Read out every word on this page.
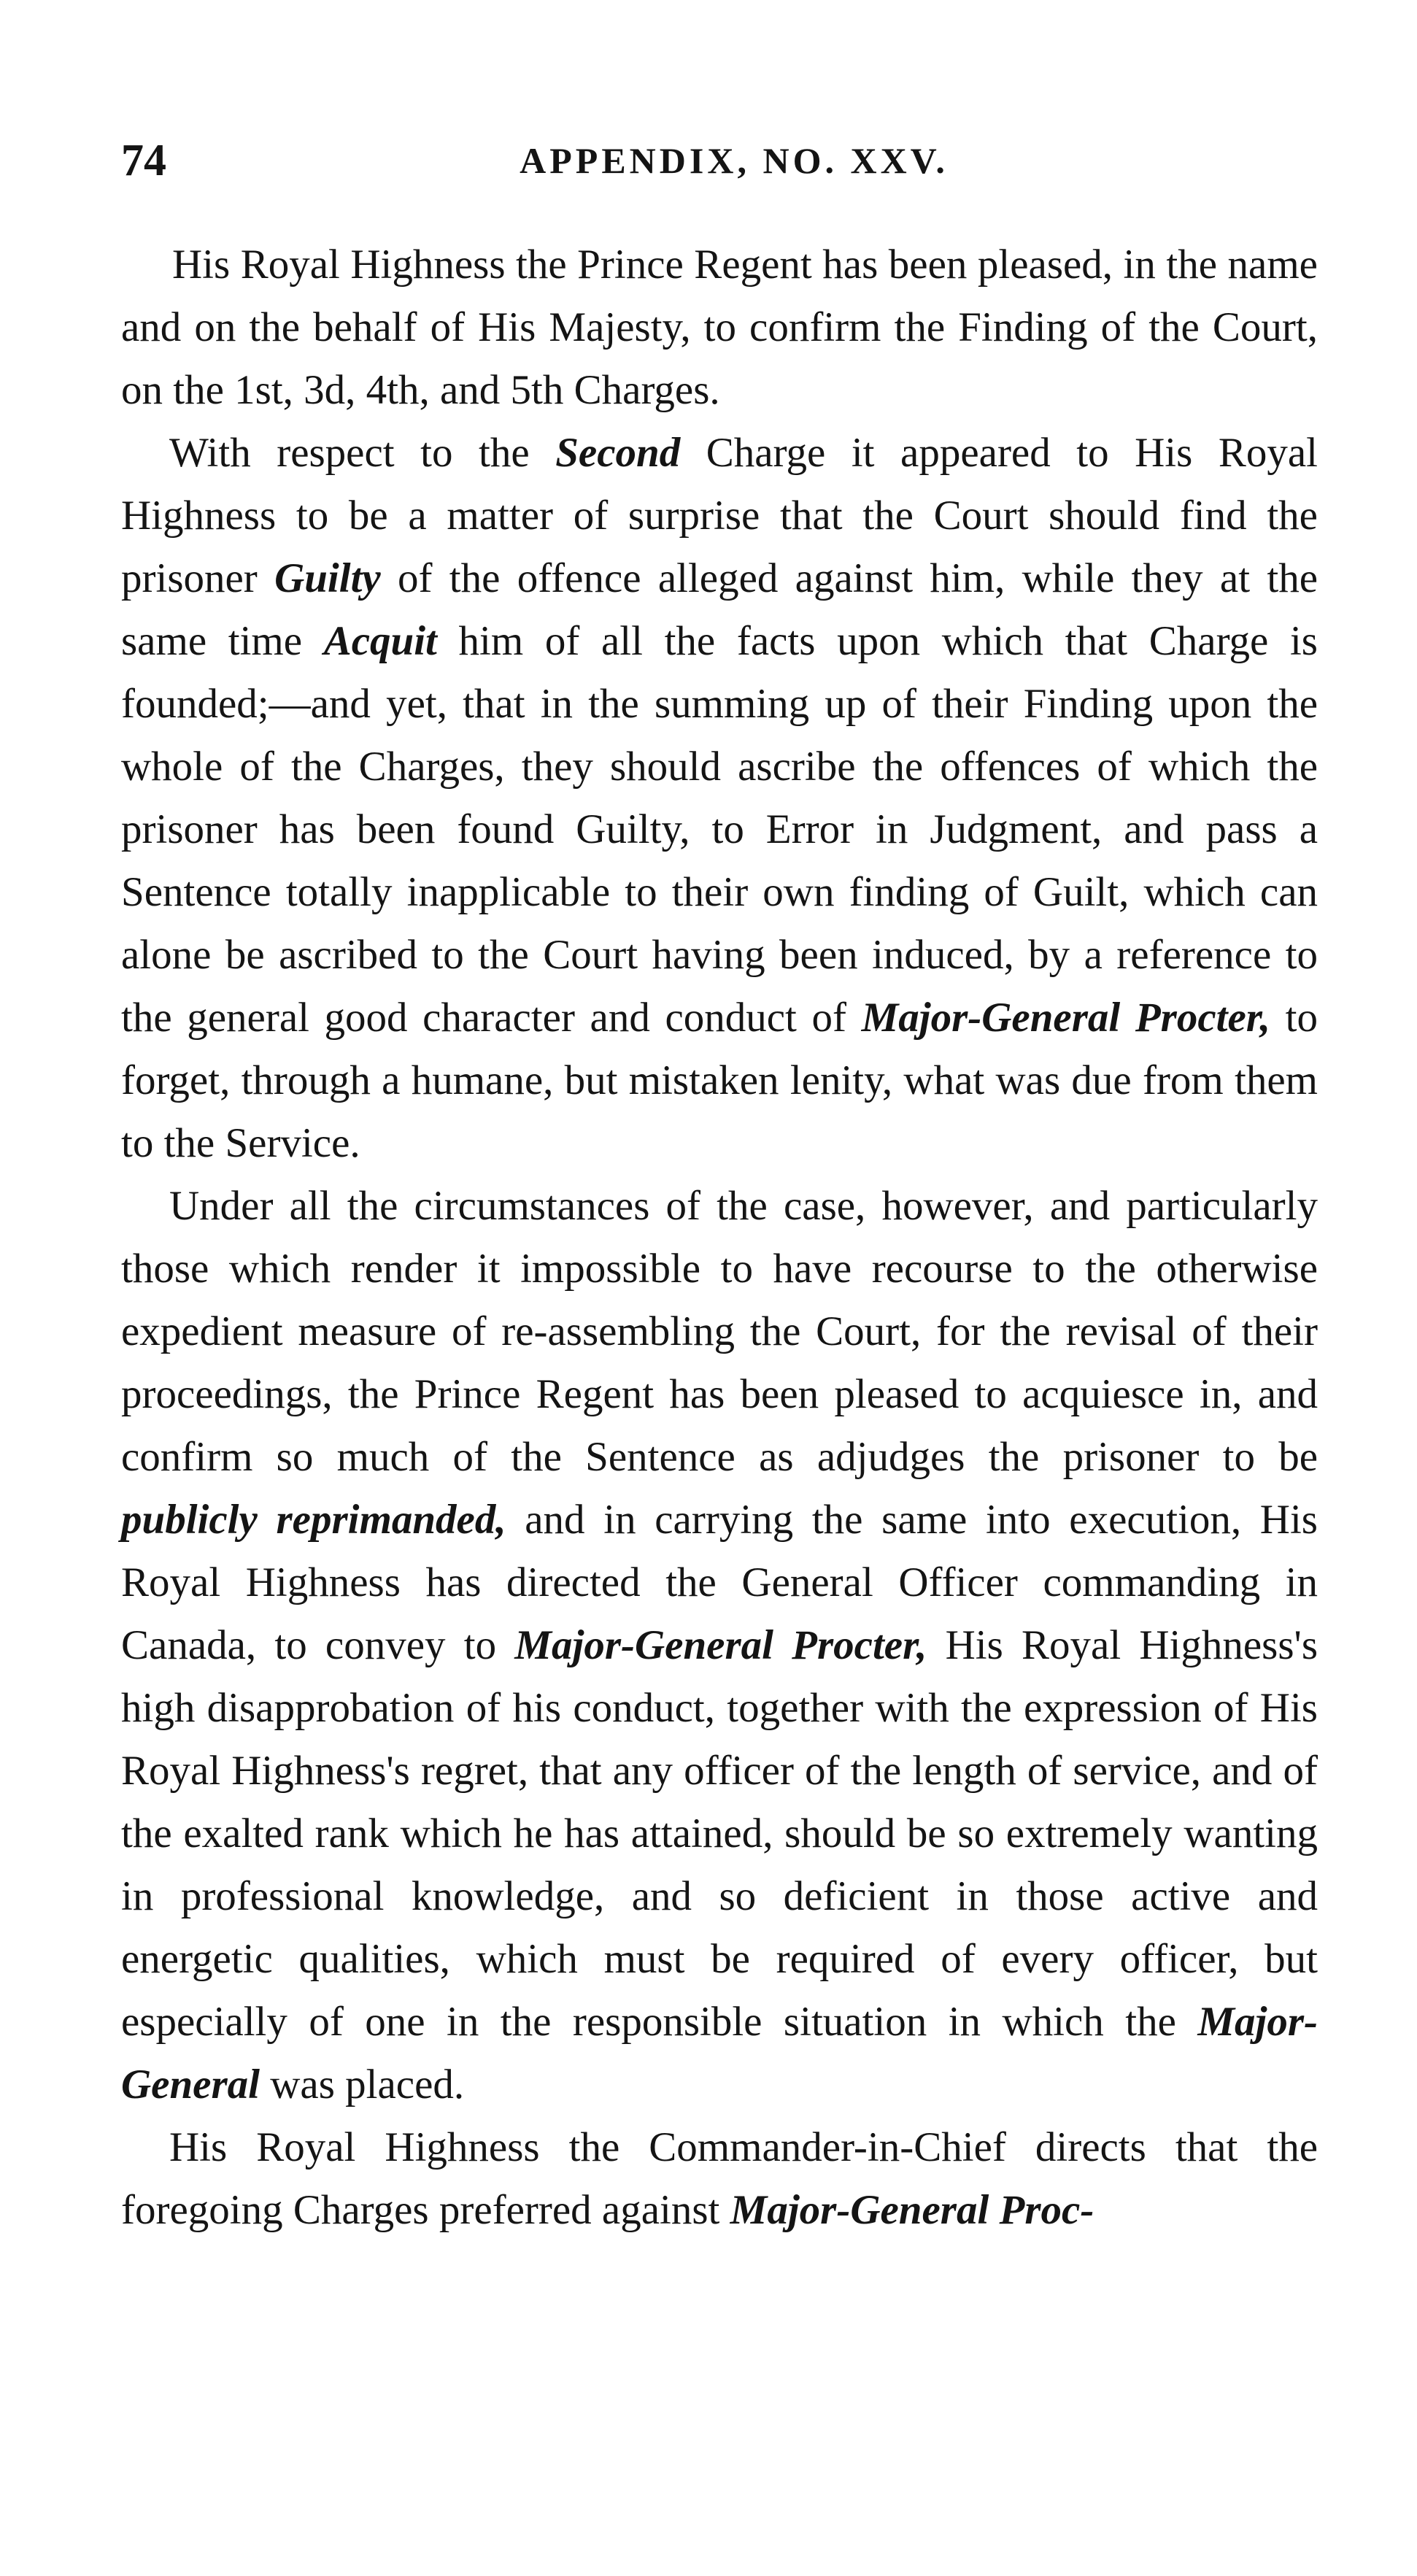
74	APPENDIX, NO. XXV.

His Royal Highness the Prince Regent has been pleased, in the name and on the behalf of His Majesty, to confirm the Finding of the Court, on the 1st, 3d, 4th, and 5th Charges.

With respect to the Second Charge it appeared to His Royal Highness to be a matter of surprise that the Court should find the prisoner Guilty of the offence alleged against him, while they at the same time Acquit him of all the facts upon which that Charge is founded;—and yet, that in the summing up of their Finding upon the whole of the Charges, they should ascribe the offences of which the prisoner has been found Guilty, to Error in Judgment, and pass a Sentence totally inapplicable to their own finding of Guilt, which can alone be ascribed to the Court having been induced, by a reference to the general good character and conduct of Major-General Procter, to forget, through a humane, but mistaken lenity, what was due from them to the Service.

Under all the circumstances of the case, however, and particularly those which render it impossible to have recourse to the otherwise expedient measure of re-assembling the Court, for the revisal of their proceedings, the Prince Regent has been pleased to acquiesce in, and confirm so much of the Sentence as adjudges the prisoner to be publicly reprimanded, and in carrying the same into execution, His Royal Highness has directed the General Officer commanding in Canada, to convey to Major-General Procter, His Royal Highness's high disapprobation of his conduct, together with the expression of His Royal Highness's regret, that any officer of the length of service, and of the exalted rank which he has attained, should be so extremely wanting in professional knowledge, and so deficient in those active and energetic qualities, which must be required of every officer, but especially of one in the responsible situation in which the Major-General was placed.

His Royal Highness the Commander-in-Chief directs that the foregoing Charges preferred against Major-General Proc-
